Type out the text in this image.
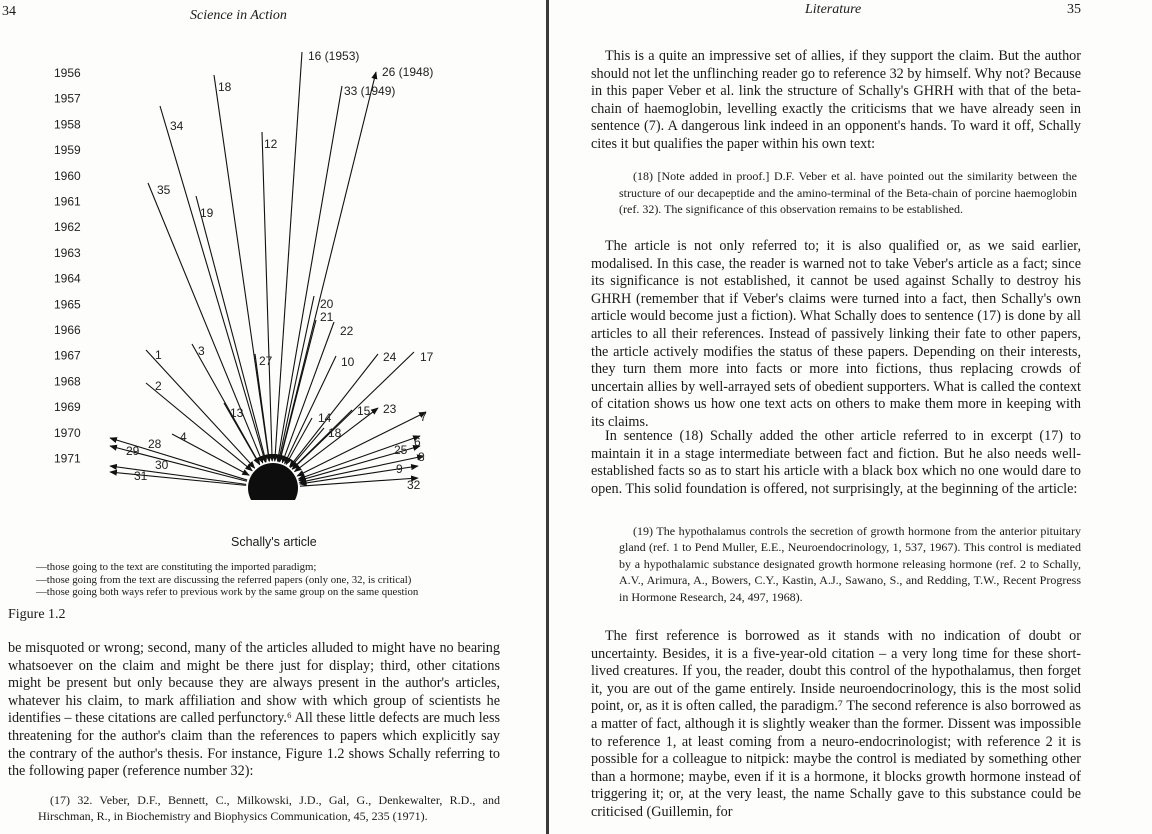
34	Science in Action
1956
1957
1958
1959
1960
1961
1962
1963
1964
1965
1966
1967
1968
1969
1970
1971
16 (1953)
26 (1948)
33 (1949)
18
34
12
35
19
20
21
22
1	3
27	10 24 17
2
13	14 15 23
7
18
4	6
28
29	25 8
30	9
31
32
Schally's article
—those going to the text are constituting the imported paradigm;
—those going from the text are discussing the referred papers (only one, 32, is critical)
—those going both ways refer to previous work by the same group on the same question
Figure 1.2
be misquoted or wrong; second, many of the articles alluded to might have no bearing whatsoever on the claim and might be there just for display; third, other citations might be present but only because they are always present in the author's articles, whatever his claim, to mark affiliation and show with which group of scientists he identifies – these citations are called perfunctory.⁶ All these little defects are much less threatening for the author's claim than the references to papers which explicitly say the contrary of the author's thesis. For instance, Figure 1.2 shows Schally referring to the following paper (reference number 32):
(17) 32. Veber, D.F., Bennett, C., Milkowski, J.D., Gal, G., Denkewalter, R.D., and Hirschman, R., in Biochemistry and Biophysics Communication, 45, 235 (1971).
Literature	35
This is a quite an impressive set of allies, if they support the claim. But the author should not let the unflinching reader go to reference 32 by himself. Why not? Because in this paper Veber et al. link the structure of Schally's GHRH with that of the beta-chain of haemoglobin, levelling exactly the criticisms that we have already seen in sentence (7). A dangerous link indeed in an opponent's hands. To ward it off, Schally cites it but qualifies the paper within his own text:
(18) [Note added in proof.] D.F. Veber et al. have pointed out the similarity between the structure of our decapeptide and the amino-terminal of the Beta-chain of porcine haemoglobin (ref. 32). The significance of this observation remains to be established.
The article is not only referred to; it is also qualified or, as we said earlier, modalised. In this case, the reader is warned not to take Veber's article as a fact; since its significance is not established, it cannot be used against Schally to destroy his GHRH (remember that if Veber's claims were turned into a fact, then Schally's own article would become just a fiction). What Schally does to sentence (17) is done by all articles to all their references. Instead of passively linking their fate to other papers, the article actively modifies the status of these papers. Depending on their interests, they turn them more into facts or more into fictions, thus replacing crowds of uncertain allies by well-arrayed sets of obedient supporters. What is called the context of citation shows us how one text acts on others to make them more in keeping with its claims.
In sentence (18) Schally added the other article referred to in excerpt (17) to maintain it in a stage intermediate between fact and fiction. But he also needs well-established facts so as to start his article with a black box which no one would dare to open. This solid foundation is offered, not surprisingly, at the beginning of the article:
(19) The hypothalamus controls the secretion of growth hormone from the anterior pituitary gland (ref. 1 to Pend Muller, E.E., Neuroendocrinology, 1, 537, 1967). This control is mediated by a hypothalamic substance designated growth hormone releasing hormone (ref. 2 to Schally, A.V., Arimura, A., Bowers, C.Y., Kastin, A.J., Sawano, S., and Redding, T.W., Recent Progress in Hormone Research, 24, 497, 1968).
The first reference is borrowed as it stands with no indication of doubt or uncertainty. Besides, it is a five-year-old citation – a very long time for these short-lived creatures. If you, the reader, doubt this control of the hypothalamus, then forget it, you are out of the game entirely. Inside neuroendocrinology, this is the most solid point, or, as it is often called, the paradigm.⁷ The second reference is also borrowed as a matter of fact, although it is slightly weaker than the former. Dissent was impossible to reference 1, at least coming from a neuro-endocrinologist; with reference 2 it is possible for a colleague to nitpick: maybe the control is mediated by something other than a hormone; maybe, even if it is a hormone, it blocks growth hormone instead of triggering it; or, at the very least, the name Schally gave to this substance could be criticised (Guillemin, for
